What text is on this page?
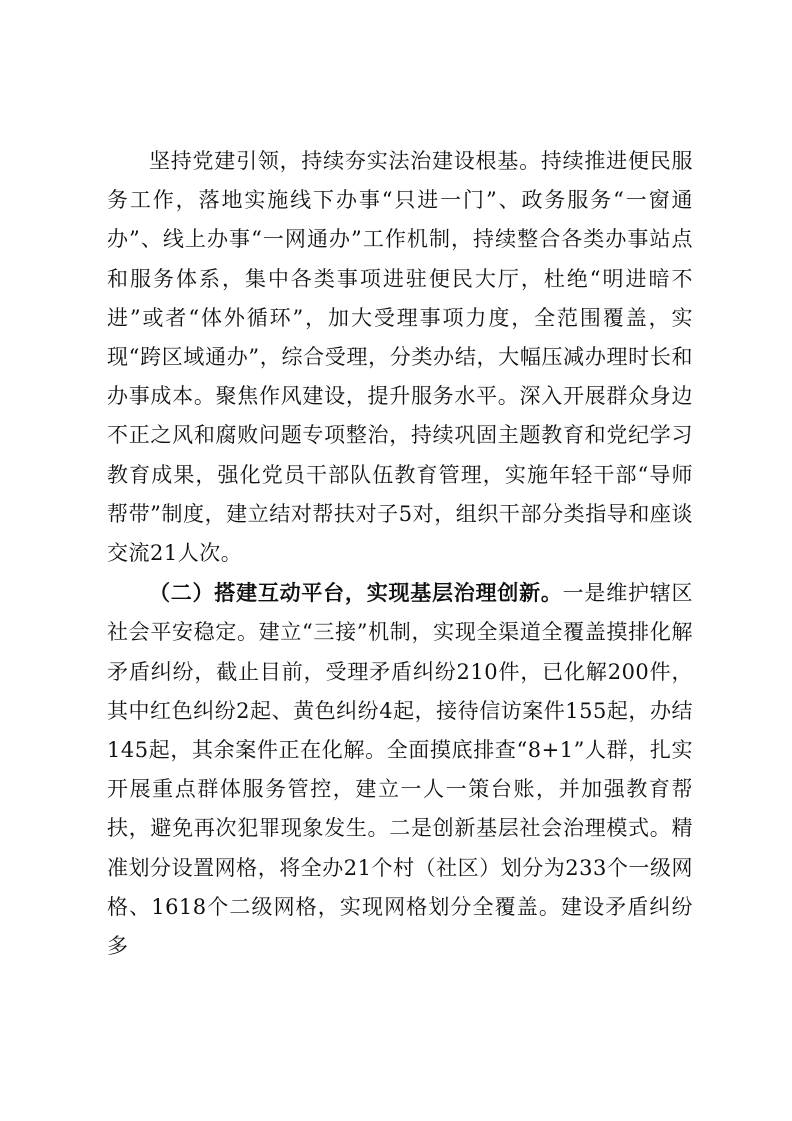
坚持党建引领，持续夯实法治建设根基。持续推进便民服务工作，落地实施线下办事“只进一门”、政务服务“一窗通办”、线上办事“一网通办”工作机制，持续整合各类办事站点和服务体系，集中各类事项进驻便民大厅，杜绝“明进暗不进”或者“体外循环”，加大受理事项力度，全范围覆盖，实现“跨区域通办”，综合受理，分类办结，大幅压减办理时长和办事成本。聚焦作风建设，提升服务水平。深入开展群众身边不正之风和腐败问题专项整治，持续巩固主题教育和党纪学习教育成果，强化党员干部队伍教育管理，实施年轻干部“导师帮带”制度，建立结对帮扶对子5对，组织干部分类指导和座谈交流21人次。

（二）搭建互动平台，实现基层治理创新。一是维护辖区社会平安稳定。建立“三接”机制，实现全渠道全覆盖摸排化解矛盾纠纷，截止目前，受理矛盾纠纷210件，已化解200件，其中红色纠纷2起、黄色纠纷4起，接待信访案件155起，办结145起，其余案件正在化解。全面摸底排查“8+1”人群，扎实开展重点群体服务管控，建立一人一策台账，并加强教育帮扶，避免再次犯罪现象发生。二是创新基层社会治理模式。精准划分设置网格，将全办21个村（社区）划分为233个一级网格、1618个二级网格，实现网格划分全覆盖。建设矛盾纠纷多
